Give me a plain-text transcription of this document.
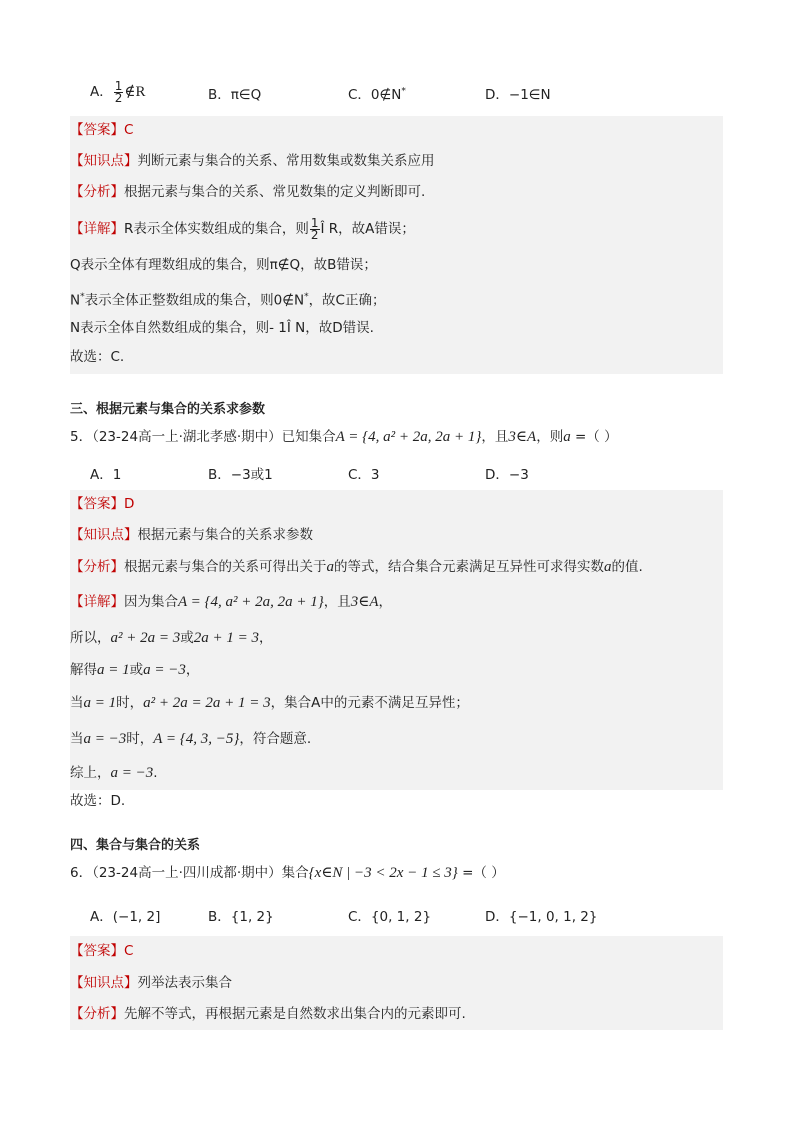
A． $\frac{1}{2}$ ∉R	B．π∈Q	C．0∉N*	D．−1∈N
【答案】C
【知识点】判断元素与集合的关系、常用数集或数集关系应用
【分析】根据元素与集合的关系、常见数集的定义判断即可.
【详解】R表示全体实数组成的集合，则 $\frac{1}{2}$ Î R，故A错误；
Q表示全体有理数组成的集合，则π∉Q，故B错误；
N*表示全体正整数组成的集合，则0∉N*，故C正确；
N表示全体自然数组成的集合，则- 1Î N，故D错误.
故选：C.
三、根据元素与集合的关系求参数
5．（23-24高一上·湖北孝感·期中）已知集合A = {4, a² + 2a, 2a + 1}，且3∈A，则a =（ ）
A．1	B．−3或1	C．3	D．−3
【答案】D
【知识点】根据元素与集合的关系求参数
【分析】根据元素与集合的关系可得出关于a的等式，结合集合元素满足互异性可求得实数a的值.
【详解】因为集合A = {4, a² + 2a, 2a + 1}，且3∈A，
所以，a² + 2a = 3或2a + 1 = 3，
解得a = 1或a = −3，
当a = 1时，a² + 2a = 2a + 1 = 3，集合A中的元素不满足互异性；
当a = −3时，A = {4, 3, −5}，符合题意.
综上，a = −3.
故选：D.
四、集合与集合的关系
6．（23-24高一上·四川成都·期中）集合{x∈N | −3 < 2x − 1 ≤ 3} =（ ）
A．(−1, 2]	B．{1, 2}	C．{0, 1, 2}	D．{−1, 0, 1, 2}
【答案】C
【知识点】列举法表示集合
【分析】先解不等式，再根据元素是自然数求出集合内的元素即可.
